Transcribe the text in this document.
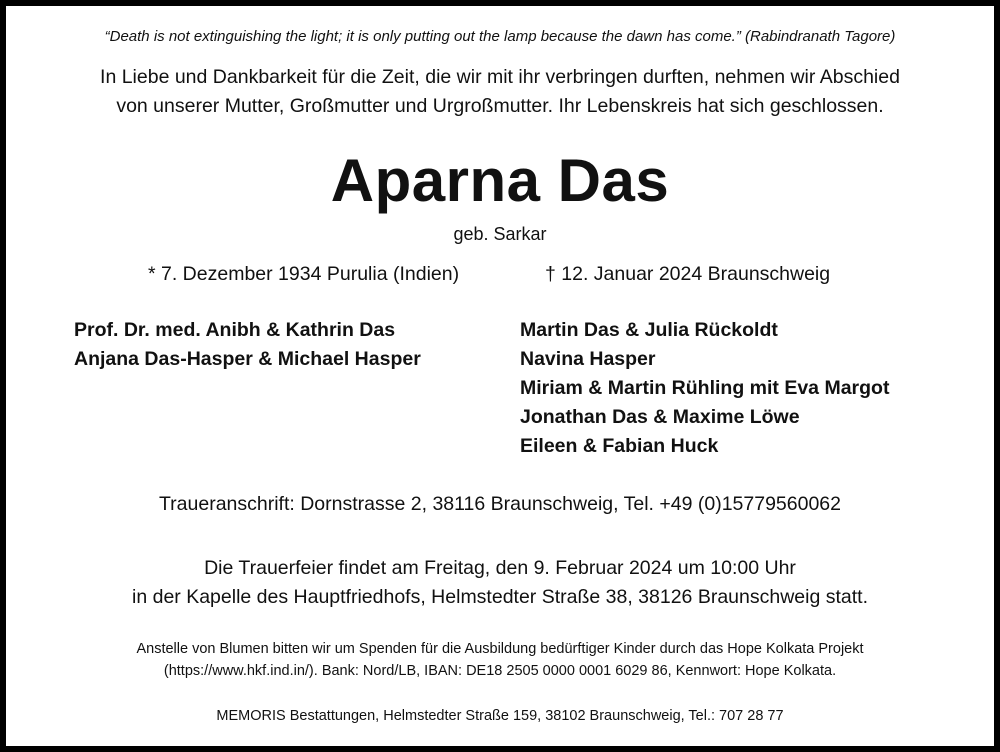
“Death is not extinguishing the light; it is only putting out the lamp because the dawn has come.” (Rabindranath Tagore)
In Liebe und Dankbarkeit für die Zeit, die wir mit ihr verbringen durften, nehmen wir Abschied
von unserer Mutter, Großmutter und Urgroßmutter. Ihr Lebenskreis hat sich geschlossen.
Aparna Das
geb. Sarkar
* 7. Dezember 1934 Purulia (Indien)	† 12. Januar 2024 Braunschweig
Prof. Dr. med. Anibh & Kathrin Das
Anjana Das-Hasper & Michael Hasper
Martin Das & Julia Rückoldt
Navina Hasper
Miriam & Martin Rühling mit Eva Margot
Jonathan Das & Maxime Löwe
Eileen & Fabian Huck
Traueranschrift: Dornstrasse 2, 38116 Braunschweig, Tel. +49 (0)15779560062
Die Trauerfeier findet am Freitag, den 9. Februar 2024 um 10:00 Uhr
in der Kapelle des Hauptfriedhofs, Helmstedter Straße 38, 38126 Braunschweig statt.
Anstelle von Blumen bitten wir um Spenden für die Ausbildung bedürftiger Kinder durch das Hope Kolkata Projekt
(https://www.hkf.ind.in/). Bank: Nord/LB, IBAN: DE18 2505 0000 0001 6029 86, Kennwort: Hope Kolkata.
MEMORIS Bestattungen, Helmstedter Straße 159, 38102 Braunschweig, Tel.: 707 28 77
